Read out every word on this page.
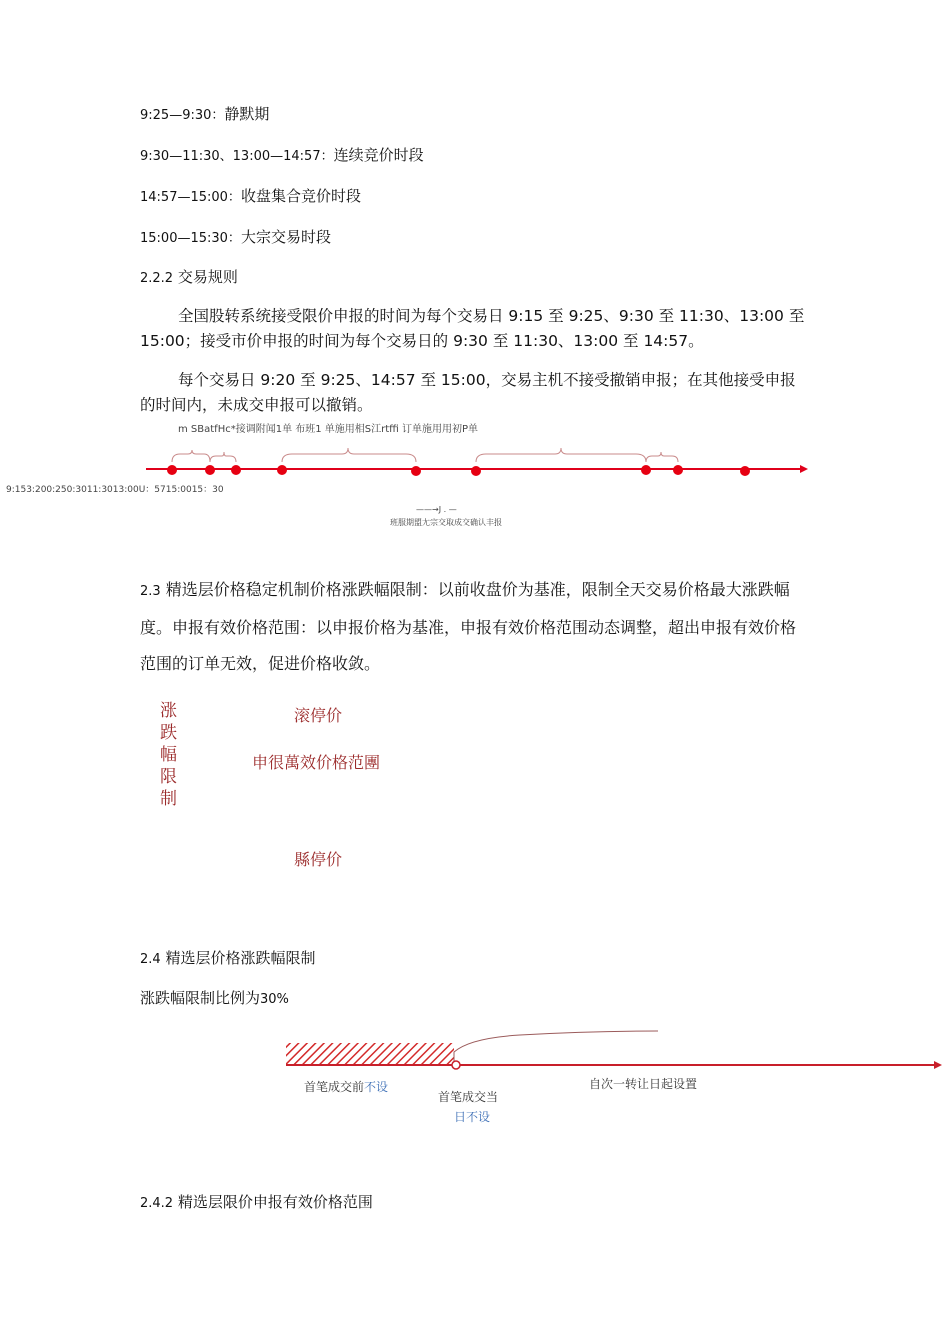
9:25—9:30：静默期
9:30—11:30、13:00—14:57：连续竞价时段
14:57—15:00：收盘集合竞价时段
15:00—15:30：大宗交易时段
2.2.2 交易规则
全国股转系统接受限价申报的时间为每个交易日 9:15 至 9:25、9:30 至 11:30、13:00 至 15:00；接受市价申报的时间为每个交易日的 9:30 至 11:30、13:00 至 14:57。
每个交易日 9:20 至 9:25、14:57 至 15:00，交易主机不接受撤销申报；在其他接受申报的时间内，未成交申报可以撤销。
m SBatfHc*接调附闻1单 布班1 单施用相S江rtffi 订单施用用初P单
9:153:200:250:3011:3013:00U：5715:0015：30
——→J . —
班服期盟尢宗交取成交确认丰报
2.3 精选层价格稳定机制价格涨跌幅限制：以前收盘价为基准，限制全天交易价格最大涨跌幅度。申报有效价格范围：以申报价格为基准，申报有效价格范围动态调整，超出申报有效价格范围的订单无效，促进价格收敛。
涨跌幅限制
滚停价
申很萬效价格范團
縣停价
2.4 精选层价格涨跌幅限制
涨跌幅限制比例为30%
首笔成交前不设
首笔成交当
日不设
自次一转让日起设置
2.4.2 精选层限价申报有效价格范围
